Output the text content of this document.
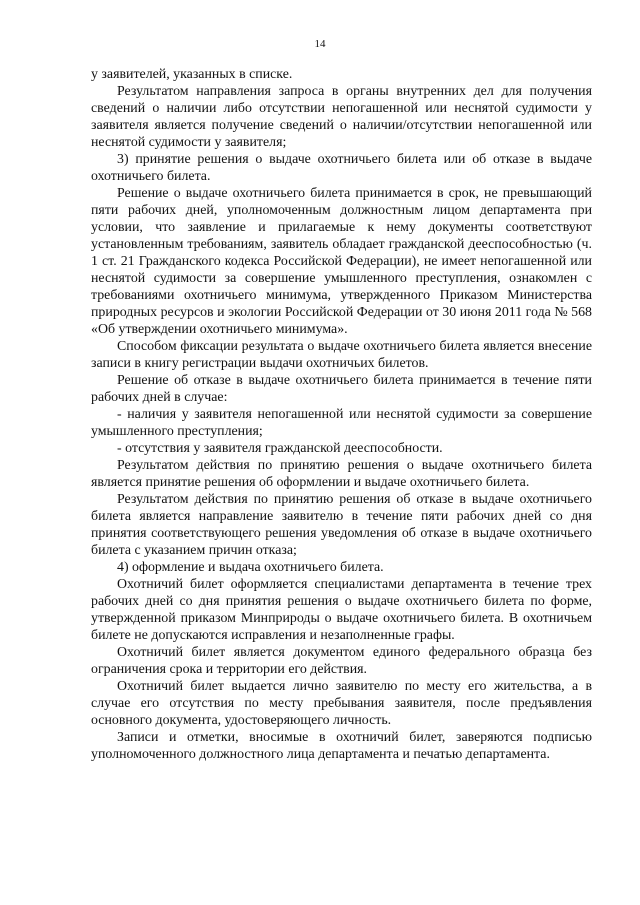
14

у заявителей, указанных в списке.

Результатом направления запроса в органы внутренних дел для получения сведений о наличии либо отсутствии непогашенной или неснятой судимости у заявителя является получение сведений о наличии/отсутствии непогашенной или неснятой судимости у заявителя;

3) принятие решения о выдаче охотничьего билета или об отказе в выдаче охотничьего билета.

Решение о выдаче охотничьего билета принимается в срок, не превышающий пяти рабочих дней, уполномоченным должностным лицом департамента при условии, что заявление и прилагаемые к нему документы соответствуют установленным требованиям, заявитель обладает гражданской дееспособностью (ч. 1 ст. 21 Гражданского кодекса Российской Федерации), не имеет непогашенной или неснятой судимости за совершение умышленного преступления, ознакомлен с требованиями охотничьего минимума, утвержденного Приказом Министерства природных ресурсов и экологии Российской Федерации от 30 июня 2011 года № 568 «Об утверждении охотничьего минимума».

Способом фиксации результата о выдаче охотничьего билета является внесение записи в книгу регистрации выдачи охотничьих билетов.

Решение об отказе в выдаче охотничьего билета принимается в течение пяти рабочих дней в случае:

- наличия у заявителя непогашенной или неснятой судимости за совершение умышленного преступления;

- отсутствия у заявителя гражданской дееспособности.

Результатом действия по принятию решения о выдаче охотничьего билета является принятие решения об оформлении и выдаче охотничьего билета.

Результатом действия по принятию решения об отказе в выдаче охотничьего билета является направление заявителю в течение пяти рабочих дней со дня принятия соответствующего решения уведомления об отказе в выдаче охотничьего билета с указанием причин отказа;

4) оформление и выдача охотничьего билета.

Охотничий билет оформляется специалистами департамента в течение трех рабочих дней со дня принятия решения о выдаче охотничьего билета по форме, утвержденной приказом Минприроды о выдаче охотничьего билета. В охотничьем билете не допускаются исправления и незаполненные графы.

Охотничий билет является документом единого федерального образца без ограничения срока и территории его действия.

Охотничий билет выдается лично заявителю по месту его жительства, а в случае его отсутствия по месту пребывания заявителя, после предъявления основного документа, удостоверяющего личность.

Записи и отметки, вносимые в охотничий билет, заверяются подписью уполномоченного должностного лица департамента и печатью департамента.
